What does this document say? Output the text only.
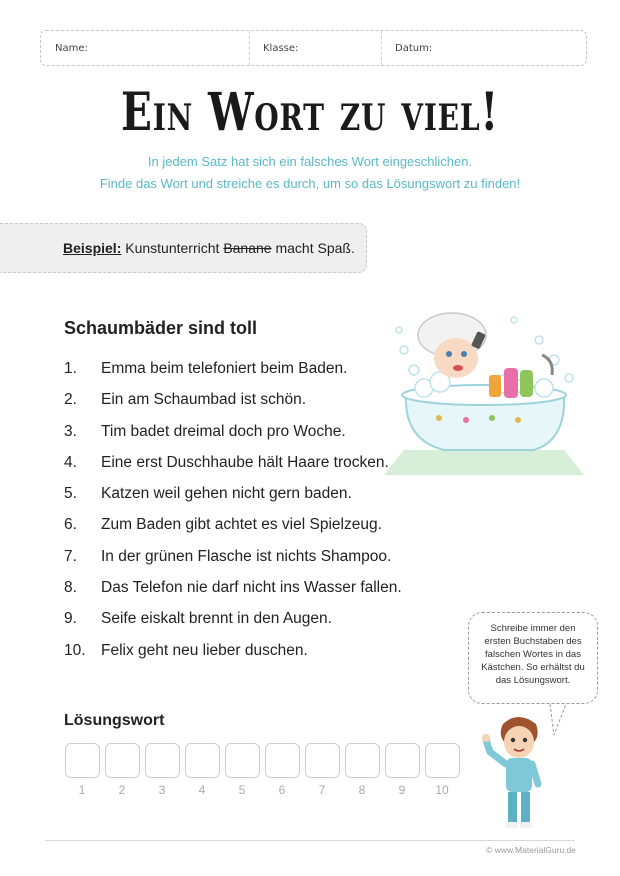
Name:	Klasse:	Datum:
Ein Wort zu viel!
In jedem Satz hat sich ein falsches Wort eingeschlichen.
Finde das Wort und streiche es durch, um so das Lösungswort zu finden!
Beispiel: Kunstunterricht Banane macht Spaß.
Schaumbäder sind toll
1.	Emma beim telefoniert beim Baden.
2.	Ein am Schaumbad ist schön.
3.	Tim badet dreimal doch pro Woche.
4.	Eine erst Duschhaube hält Haare trocken.
5.	Katzen weil gehen nicht gern baden.
6.	Zum Baden gibt achtet es viel Spielzeug.
7.	In der grünen Flasche ist nichts Shampoo.
8.	Das Telefon nie darf nicht ins Wasser fallen.
9.	Seife eiskalt brennt in den Augen.
10. Felix geht neu lieber duschen.
Lösungswort
1	2	3	4	5	6	7	8	9	10
Schreibe immer den
ersten Buchstaben des
falschen Wortes in das
Kästchen. So erhältst du
das Lösungswort.
© www.MaterialGuru.de
